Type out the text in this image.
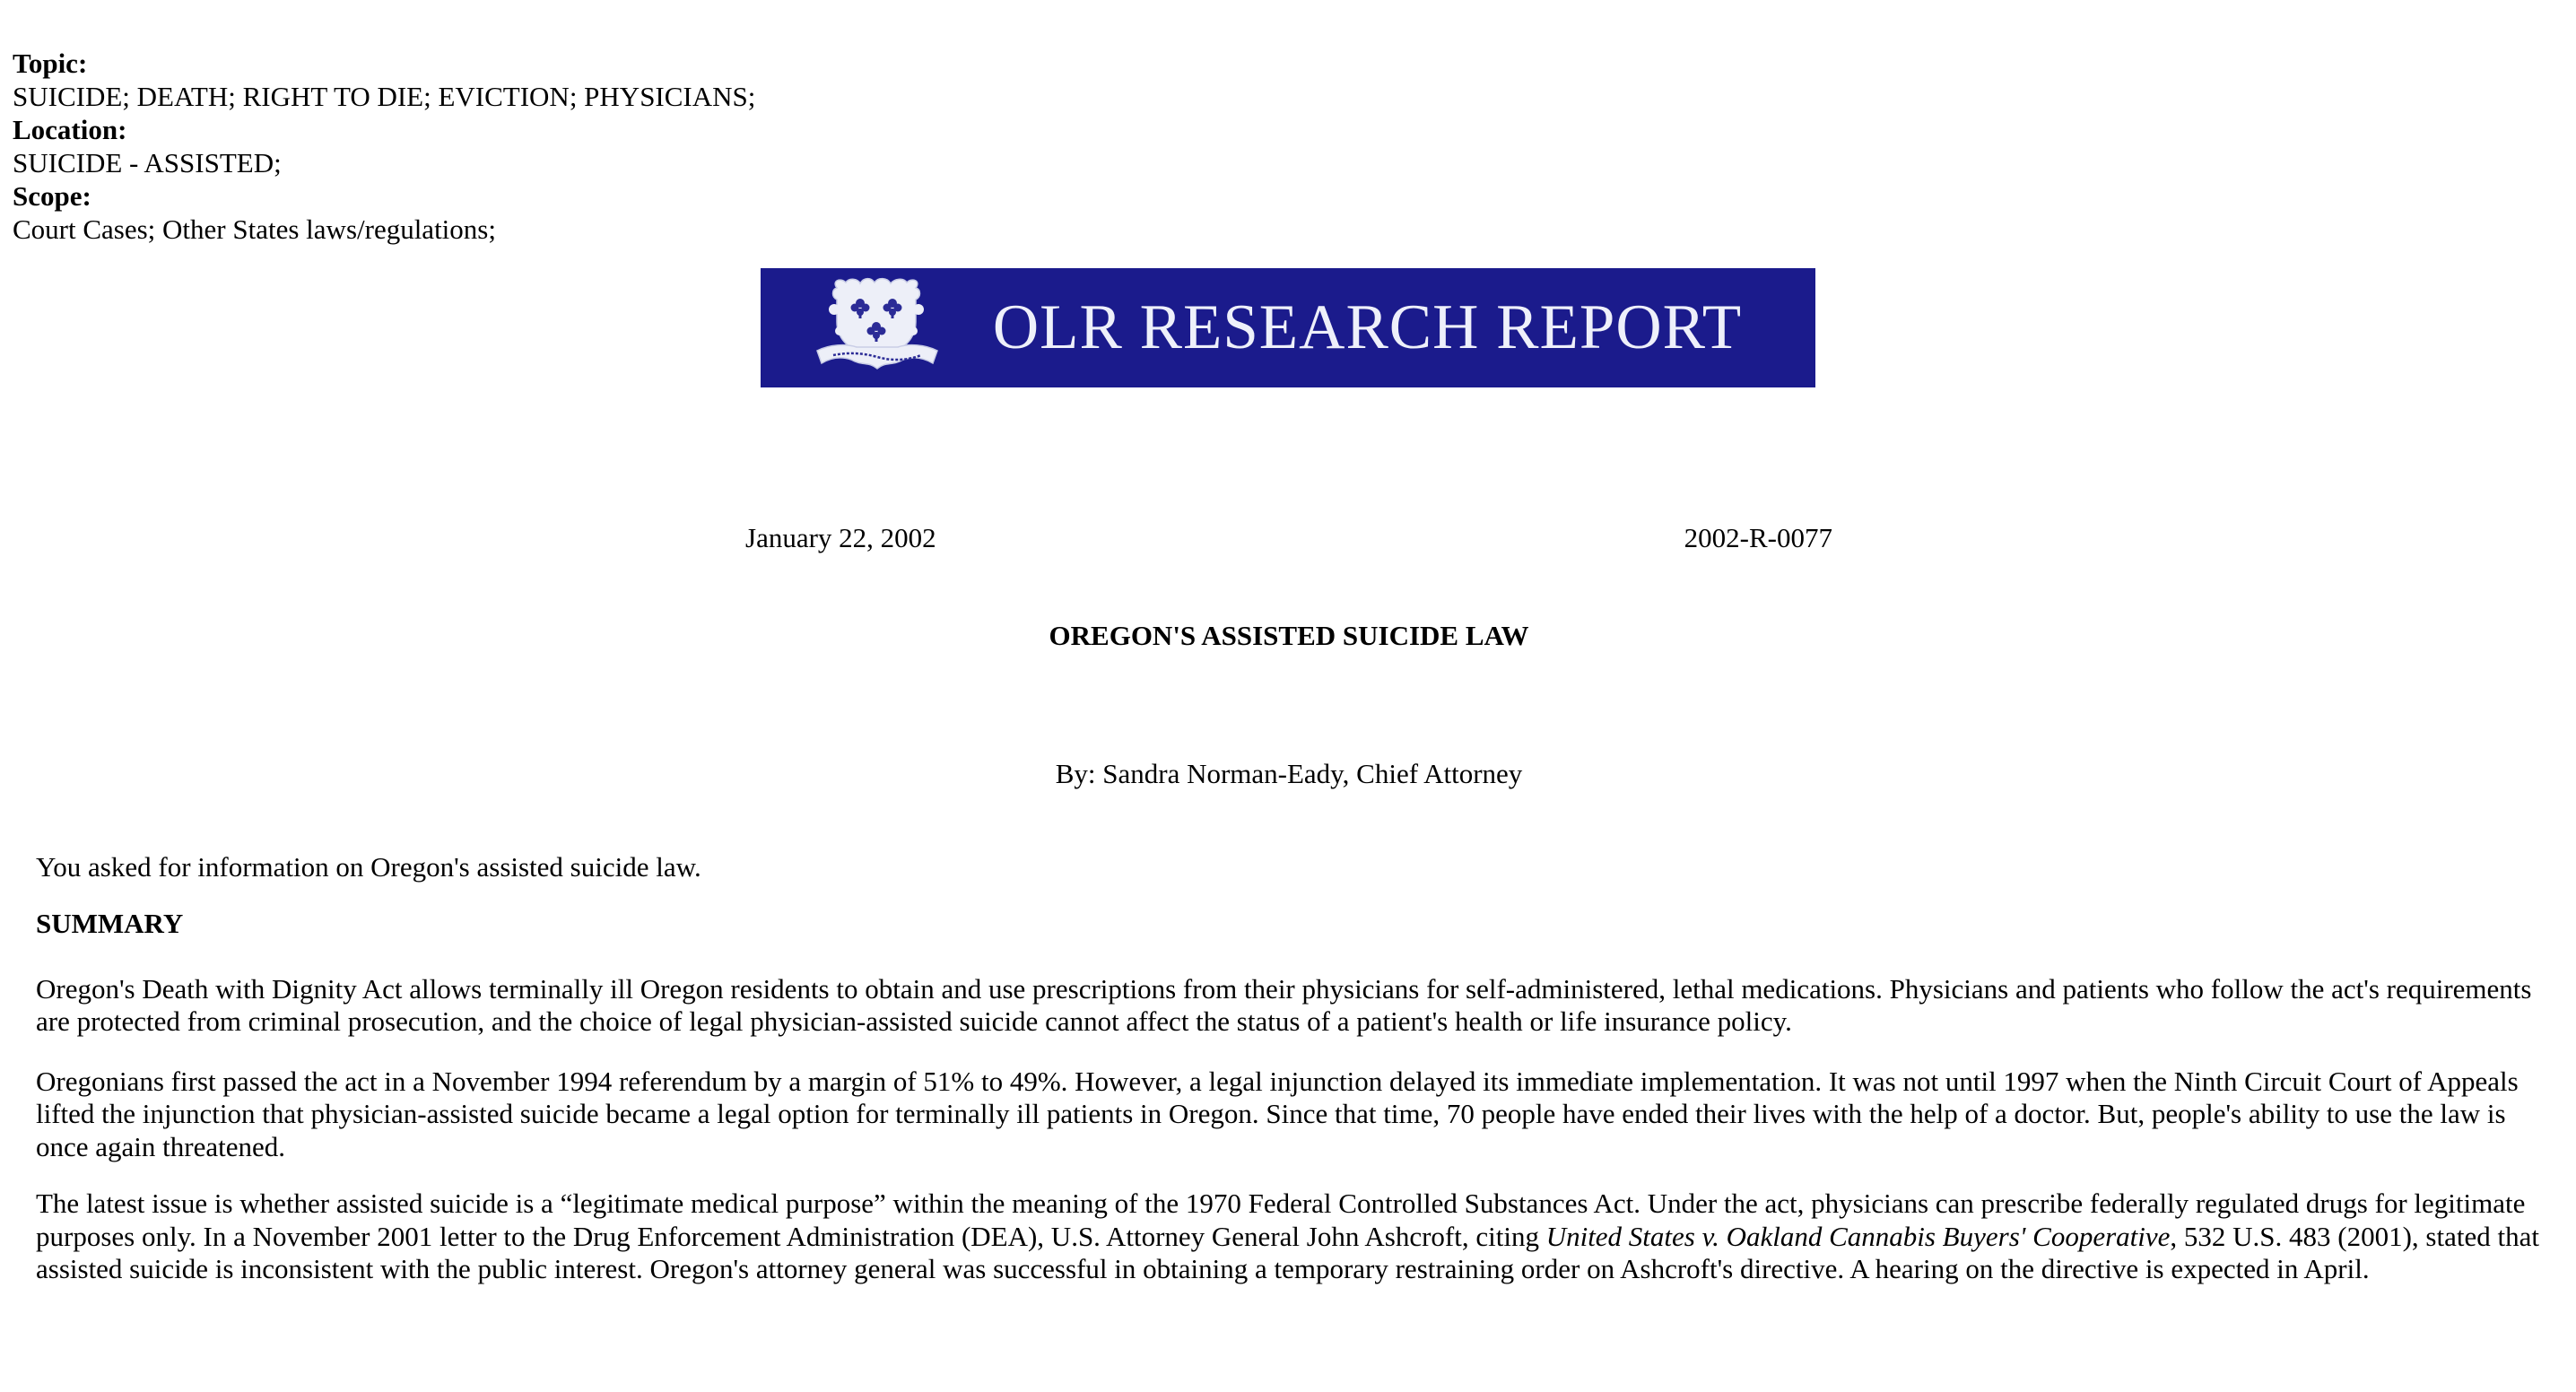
Topic:
SUICIDE; DEATH; RIGHT TO DIE; EVICTION; PHYSICIANS;
Location:
SUICIDE - ASSISTED;
Scope:
Court Cases; Other States laws/regulations;
OLR RESEARCH REPORT
January 22, 2002	2002-R-0077
OREGON'S ASSISTED SUICIDE LAW
By: Sandra Norman-Eady, Chief Attorney

You asked for information on Oregon's assisted suicide law.

SUMMARY

Oregon's Death with Dignity Act allows terminally ill Oregon residents to obtain and use prescriptions from their physicians for self-administered, lethal medications. Physicians and patients who follow the act's requirements are protected from criminal prosecution, and the choice of legal physician-assisted suicide cannot affect the status of a patient's health or life insurance policy.

Oregonians first passed the act in a November 1994 referendum by a margin of 51% to 49%. However, a legal injunction delayed its immediate implementation. It was not until 1997 when the Ninth Circuit Court of Appeals lifted the injunction that physician-assisted suicide became a legal option for terminally ill patients in Oregon. Since that time, 70 people have ended their lives with the help of a doctor. But, people's ability to use the law is once again threatened.

The latest issue is whether assisted suicide is a “legitimate medical purpose” within the meaning of the 1970 Federal Controlled Substances Act. Under the act, physicians can prescribe federally regulated drugs for legitimate purposes only. In a November 2001 letter to the Drug Enforcement Administration (DEA), U.S. Attorney General John Ashcroft, citing United States v. Oakland Cannabis Buyers' Cooperative, 532 U.S. 483 (2001), stated that assisted suicide is inconsistent with the public interest. Oregon's attorney general was successful in obtaining a temporary restraining order on Ashcroft's directive. A hearing on the directive is expected in April.
